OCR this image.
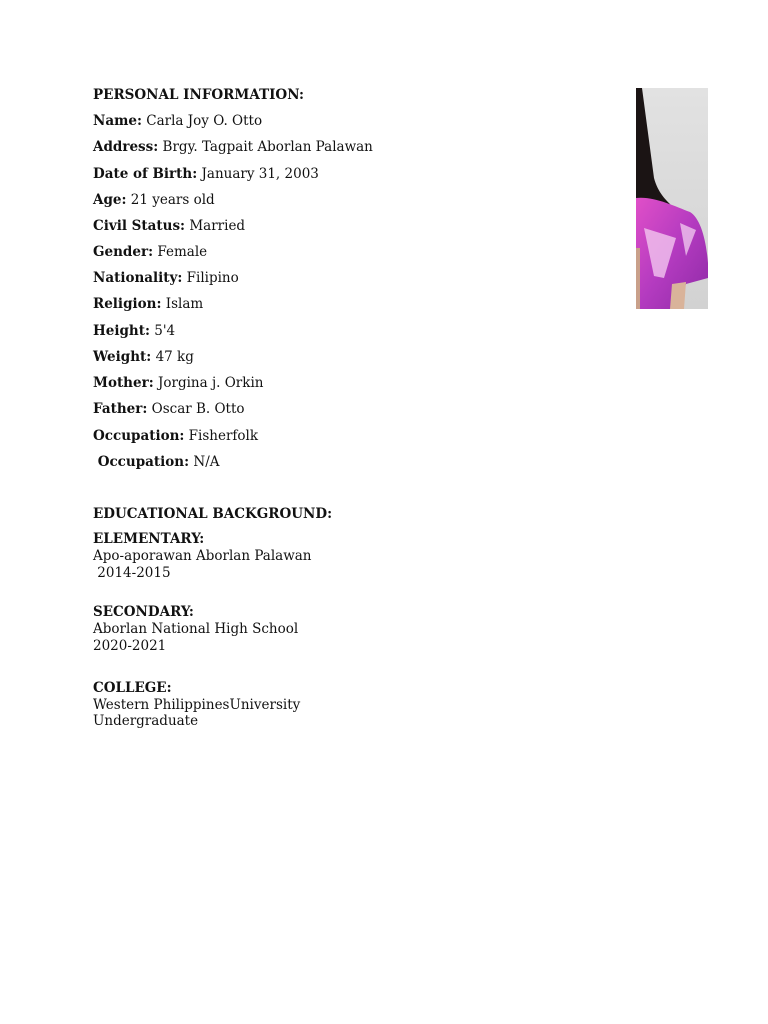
PERSONAL INFORMATION:
Name: Carla Joy O. Otto
Address: Brgy. Tagpait Aborlan Palawan
Date of Birth: January 31, 2003
Age: 21 years old
Civil Status: Married
Gender: Female
Nationality: Filipino
Religion: Islam
Height: 5'4
Weight: 47 kg
Mother: Jorgina j. Orkin
Father: Oscar B. Otto
Occupation: Fisherfolk
Occupation: N/A
EDUCATIONAL BACKGROUND:
ELEMENTARY:
Apo-aporawan Aborlan Palawan
2014-2015
SECONDARY:
Aborlan National High School
2020-2021
COLLEGE:
Western PhilippinesUniversity
Undergraduate
